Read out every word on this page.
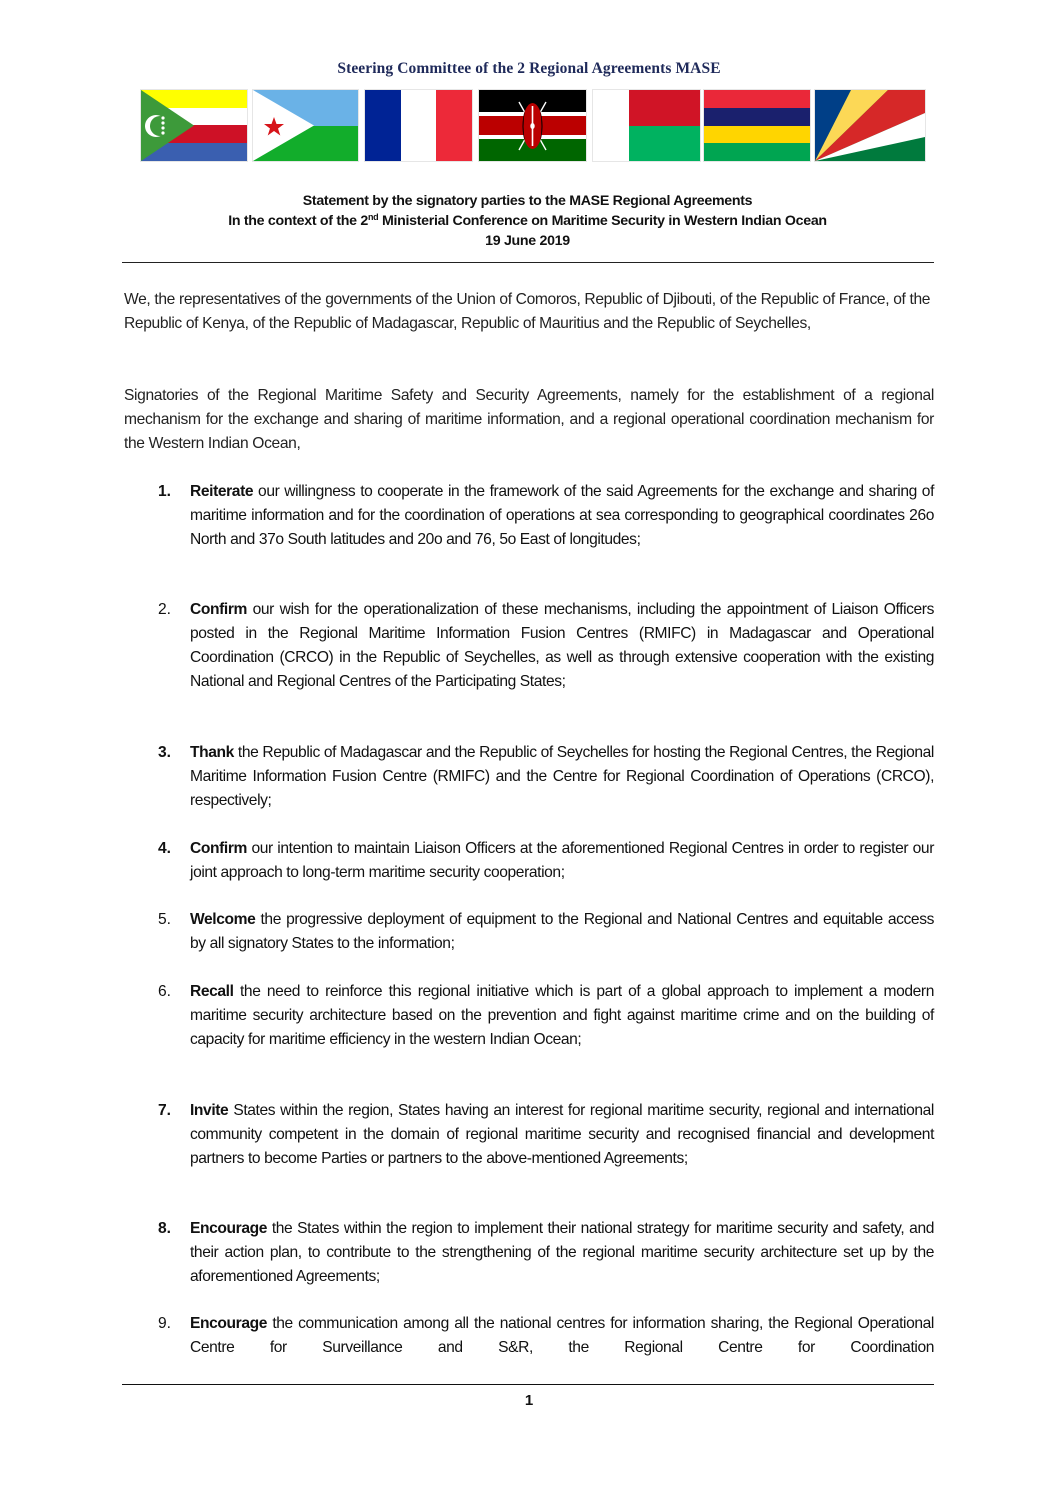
Steering Committee of the 2 Regional Agreements MASE
Statement by the signatory parties to the MASE Regional Agreements
In the context of the 2nd Ministerial Conference on Maritime Security in Western Indian Ocean
19 June 2019
We, the representatives of the governments of the Union of Comoros, Republic of Djibouti, of the Republic of France, of the Republic of Kenya, of the Republic of Madagascar, Republic of Mauritius and the Republic of Seychelles,
Signatories of the Regional Maritime Safety and Security Agreements, namely for the establishment of a regional mechanism for the exchange and sharing of maritime information, and a regional operational coordination mechanism for the Western Indian Ocean,
1.	Reiterate our willingness to cooperate in the framework of the said Agreements for the exchange and sharing of maritime information and for the coordination of operations at sea corresponding to geographical coordinates 26o North and 37o South latitudes and 20o and 76, 5o East of longitudes;
2.	Confirm our wish for the operationalization of these mechanisms, including the appointment of Liaison Officers posted in the Regional Maritime Information Fusion Centres (RMIFC) in Madagascar and Operational Coordination (CRCO) in the Republic of Seychelles, as well as through extensive cooperation with the existing National and Regional Centres of the Participating States;
3.	Thank the Republic of Madagascar and the Republic of Seychelles for hosting the Regional Centres, the Regional Maritime Information Fusion Centre (RMIFC) and the Centre for Regional Coordination of Operations (CRCO), respectively;
4.	Confirm our intention to maintain Liaison Officers at the aforementioned Regional Centres in order to register our joint approach to long-term maritime security cooperation;
5.	Welcome the progressive deployment of equipment to the Regional and National Centres and equitable access by all signatory States to the information;
6.	Recall the need to reinforce this regional initiative which is part of a global approach to implement a modern maritime security architecture based on the prevention and fight against maritime crime and on the building of capacity for maritime efficiency in the western Indian Ocean;
7.	Invite States within the region, States having an interest for regional maritime security, regional and international community competent in the domain of regional maritime security and recognised financial and development partners to become Parties or partners to the above-mentioned Agreements;
8.	Encourage the States within the region to implement their national strategy for maritime security and safety, and their action plan, to contribute to the strengthening of the regional maritime security architecture set up by the aforementioned Agreements;
9.	Encourage the communication among all the national centres for information sharing, the Regional Operational Centre for Surveillance and S&R, the Regional Centre for Coordination
1
